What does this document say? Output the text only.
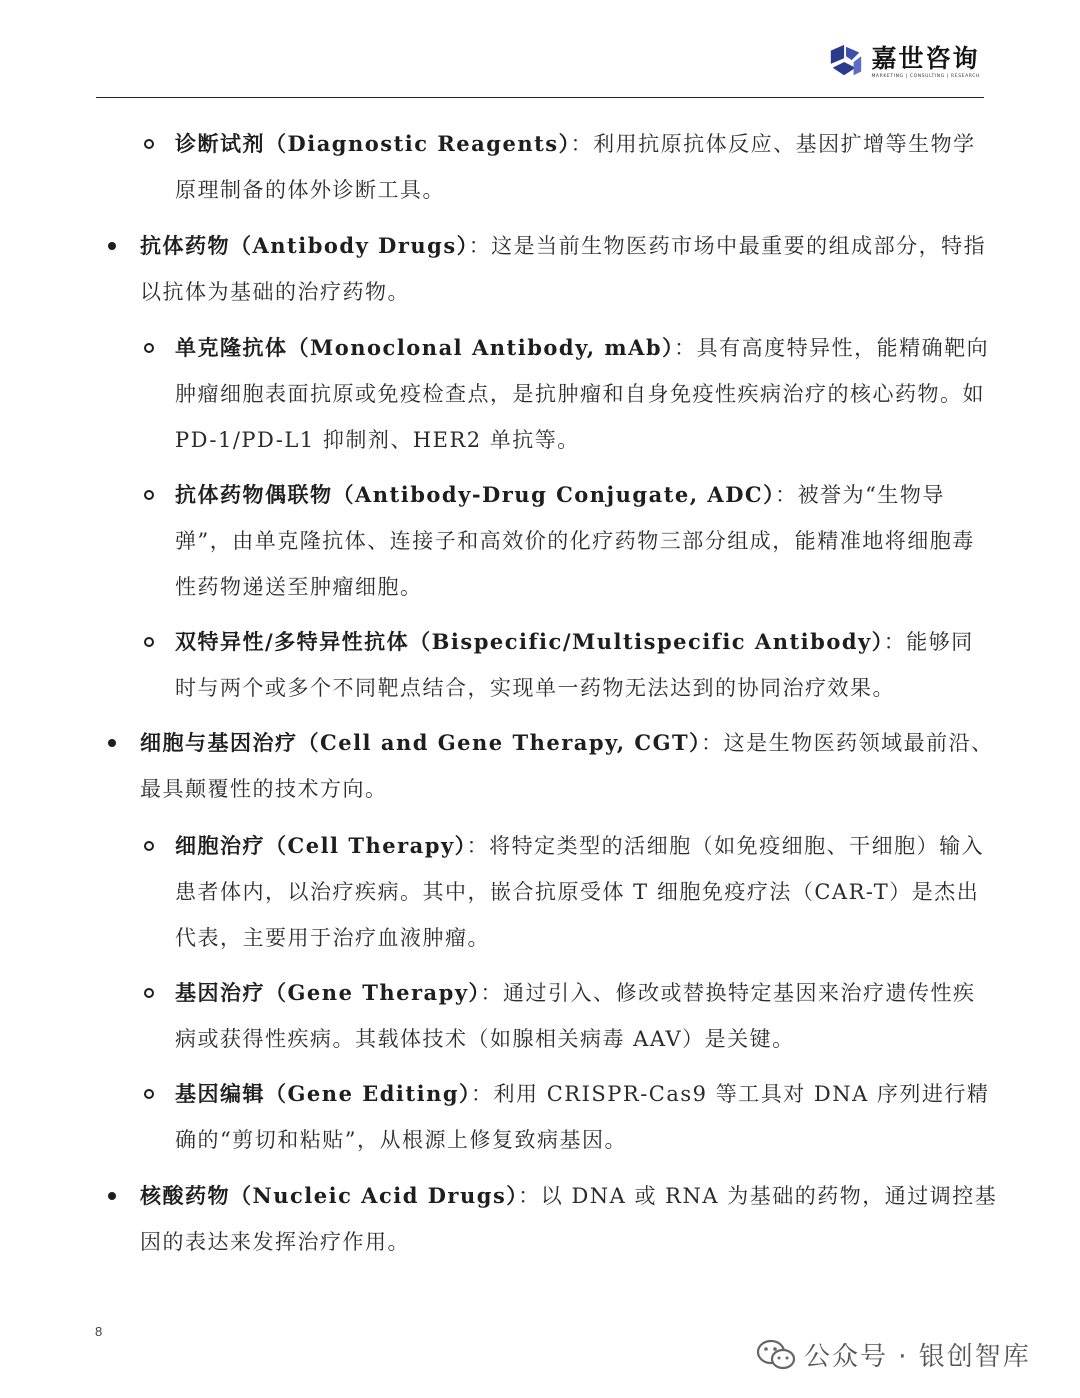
嘉世咨询
MARKETING | CONSULTING | RESEARCH
诊断试剂（Diagnostic Reagents）：利用抗原抗体反应、基因扩增等生物学原理制备的体外诊断工具。
抗体药物（Antibody Drugs）：这是当前生物医药市场中最重要的组成部分，特指以抗体为基础的治疗药物。
单克隆抗体（Monoclonal Antibody, mAb）：具有高度特异性，能精确靶向肿瘤细胞表面抗原或免疫检查点，是抗肿瘤和自身免疫性疾病治疗的核心药物。如 PD-1/PD-L1 抑制剂、HER2 单抗等。
抗体药物偶联物（Antibody-Drug Conjugate, ADC）：被誉为“生物导弹”，由单克隆抗体、连接子和高效价的化疗药物三部分组成，能精准地将细胞毒性药物递送至肿瘤细胞。
双特异性/多特异性抗体（Bispecific/Multispecific Antibody）：能够同时与两个或多个不同靶点结合，实现单一药物无法达到的协同治疗效果。
细胞与基因治疗（Cell and Gene Therapy, CGT）：这是生物医药领域最前沿、最具颠覆性的技术方向。
细胞治疗（Cell Therapy）：将特定类型的活细胞（如免疫细胞、干细胞）输入患者体内，以治疗疾病。其中，嵌合抗原受体 T 细胞免疫疗法（CAR-T）是杰出代表，主要用于治疗血液肿瘤。
基因治疗（Gene Therapy）：通过引入、修改或替换特定基因来治疗遗传性疾病或获得性疾病。其载体技术（如腺相关病毒 AAV）是关键。
基因编辑（Gene Editing）：利用 CRISPR-Cas9 等工具对 DNA 序列进行精确的“剪切和粘贴”，从根源上修复致病基因。
核酸药物（Nucleic Acid Drugs）：以 DNA 或 RNA 为基础的药物，通过调控基因的表达来发挥治疗作用。
8
公众号 · 银创智库
